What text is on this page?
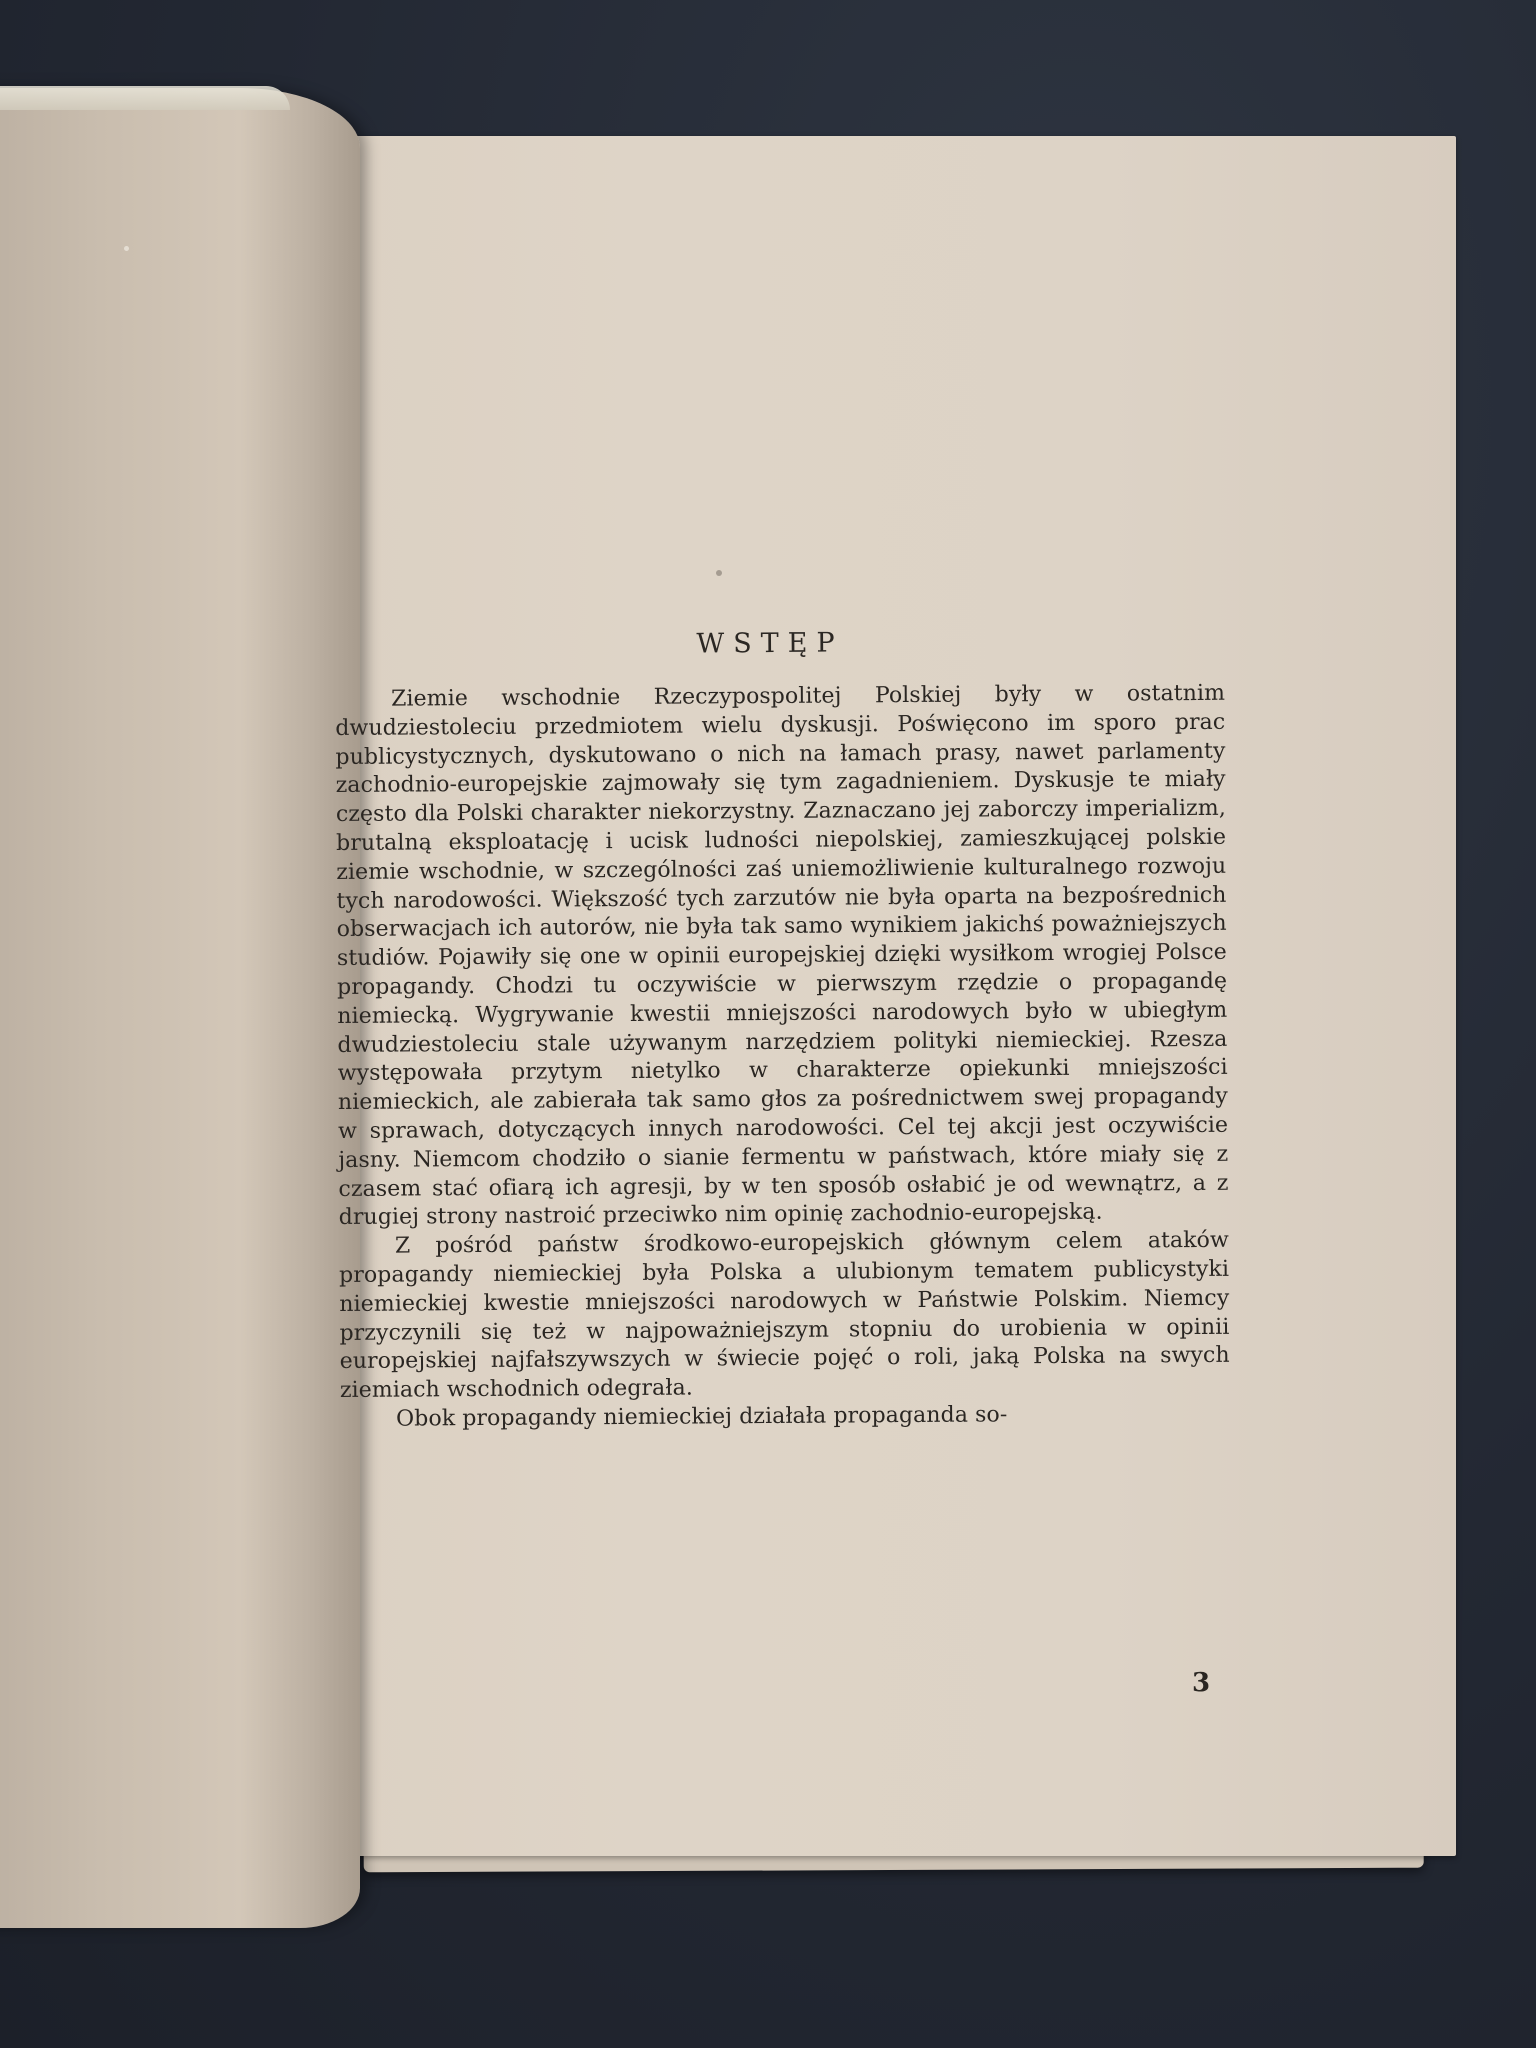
WSTĘP

Ziemie wschodnie Rzeczypospolitej Polskiej były w ostatnim dwudziestoleciu przedmiotem wielu dyskusji. Poświęcono im sporo prac publicystycznych, dyskutowano o nich na łamach prasy, nawet parlamenty zachodnio-europejskie zajmowały się tym zagadnieniem. Dyskusje te miały często dla Polski charakter niekorzystny. Zaznaczano jej zaborczy imperializm, brutalną eksploatację i ucisk ludności niepolskiej, zamieszkującej polskie ziemie wschodnie, w szczególności zaś uniemożliwienie kulturalnego rozwoju tych narodowości. Większość tych zarzutów nie była oparta na bezpośrednich obserwacjach ich autorów, nie była tak samo wynikiem jakichś poważniejszych studiów. Pojawiły się one w opinii europejskiej dzięki wysiłkom wrogiej Polsce propagandy. Chodzi tu oczywiście w pierwszym rzędzie o propagandę niemiecką. Wygrywanie kwestii mniejszości narodowych było w ubiegłym dwudziestoleciu stale używanym narzędziem polityki niemieckiej. Rzesza występowała przytym nietylko w charakterze opiekunki mniejszości niemieckich, ale zabierała tak samo głos za pośrednictwem swej propagandy w sprawach, dotyczących innych narodowości. Cel tej akcji jest oczywiście jasny. Niemcom chodziło o sianie fermentu w państwach, które miały się z czasem stać ofiarą ich agresji, by w ten sposób osłabić je od wewnątrz, a z drugiej strony nastroić przeciwko nim opinię zachodnio-europejską.

Z pośród państw środkowo-europejskich głównym celem ataków propagandy niemieckiej była Polska a ulubionym tematem publicystyki niemieckiej kwestie mniejszości narodowych w Państwie Polskim. Niemcy przyczynili się też w najpoważniejszym stopniu do urobienia w opinii europejskiej najfałszywszych w świecie pojęć o roli, jaką Polska na swych ziemiach wschodnich odegrała.

Obok propagandy niemieckiej działała propaganda so-

3
